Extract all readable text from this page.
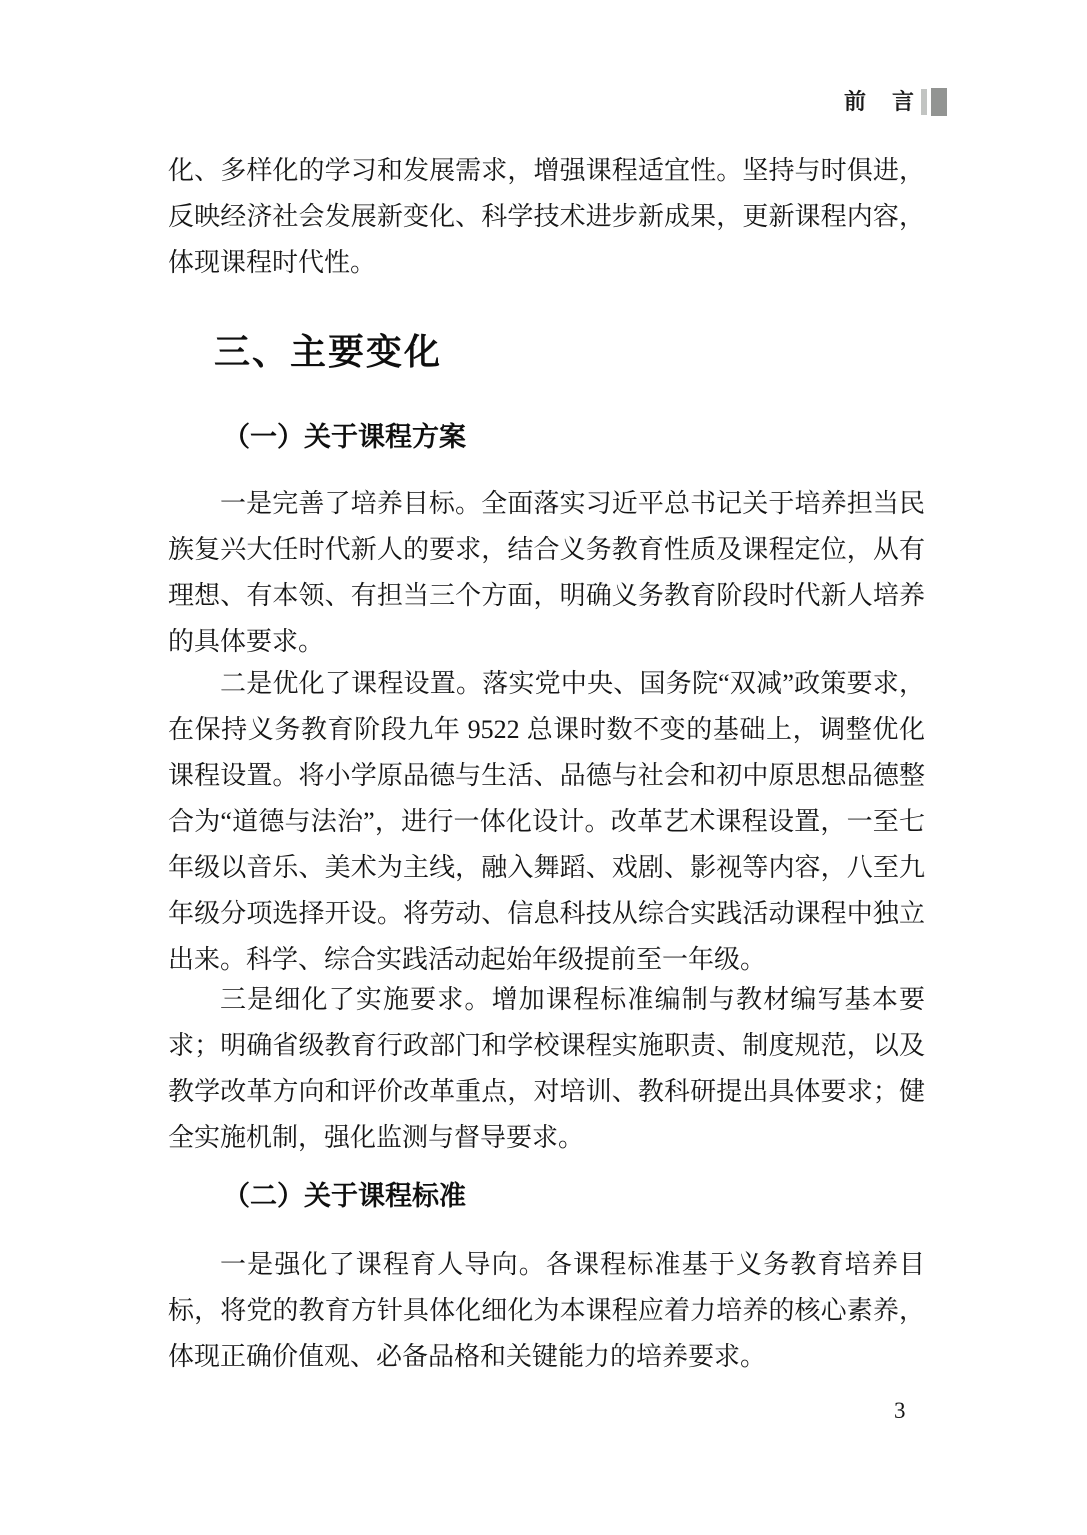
前　言

化、多样化的学习和发展需求，增强课程适宜性。坚持与时俱进，反映经济社会发展新变化、科学技术进步新成果，更新课程内容，体现课程时代性。

三、主要变化
（一）关于课程方案

一是完善了培养目标。全面落实习近平总书记关于培养担当民族复兴大任时代新人的要求，结合义务教育性质及课程定位，从有理想、有本领、有担当三个方面，明确义务教育阶段时代新人培养的具体要求。

二是优化了课程设置。落实党中央、国务院“双减”政策要求，在保持义务教育阶段九年 9522 总课时数不变的基础上，调整优化课程设置。将小学原品德与生活、品德与社会和初中原思想品德整合为“道德与法治”，进行一体化设计。改革艺术课程设置，一至七年级以音乐、美术为主线，融入舞蹈、戏剧、影视等内容，八至九年级分项选择开设。将劳动、信息科技从综合实践活动课程中独立出来。科学、综合实践活动起始年级提前至一年级。

三是细化了实施要求。增加课程标准编制与教材编写基本要求；明确省级教育行政部门和学校课程实施职责、制度规范，以及教学改革方向和评价改革重点，对培训、教科研提出具体要求；健全实施机制，强化监测与督导要求。

（二）关于课程标准

一是强化了课程育人导向。各课程标准基于义务教育培养目标，将党的教育方针具体化细化为本课程应着力培养的核心素养，体现正确价值观、必备品格和关键能力的培养要求。

3
